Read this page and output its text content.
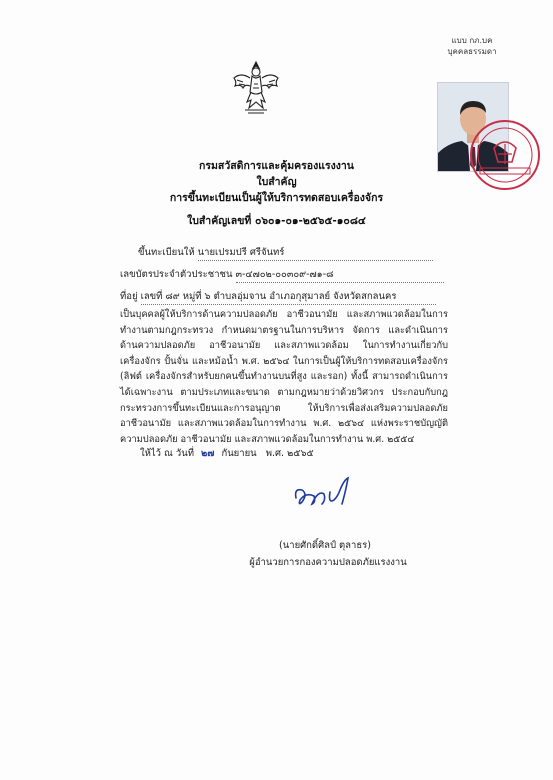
แบบ กภ.บค
บุคคลธรรมดา
กรมสวัสดิการและคุ้มครองแรงงาน
ใบสำคัญ
การขึ้นทะเบียนเป็นผู้ให้บริการทดสอบเครื่องจักร
ใบสำคัญเลขที่ ๐๖๐๑-๐๑-๒๕๖๕-๑๐๘๔
ขึ้นทะเบียนให้ นายเปรมปรี ศรีจันทร์
เลขบัตรประจำตัวประชาชน ๓-๔๗๐๒-๐๐๓๐๙-๗๑-๘
ที่อยู่ เลขที่ ๘๙ หมู่ที่ ๖ ตำบลอุ่มจาน อำเภอกุสุมาลย์ จังหวัดสกลนคร
เป็นบุคคลผู้ให้บริการด้านความปลอดภัย อาชีวอนามัย และสภาพแวดล้อมในการทำงานตามกฎกระทรวง กำหนดมาตรฐานในการบริหาร จัดการ และดำเนินการด้านความปลอดภัย อาชีวอนามัย และสภาพแวดล้อม ในการทำงานเกี่ยวกับเครื่องจักร ปั้นจั่น และหม้อน้ำ พ.ศ. ๒๕๖๔ ในการเป็นผู้ให้บริการทดสอบเครื่องจักร (ลิฟต์ เครื่องจักรสำหรับยกคนขึ้นทำงานบนที่สูง และรอก) ทั้งนี้ สามารถดำเนินการได้เฉพาะงาน ตามประเภทและขนาด ตามกฎหมายว่าด้วยวิศวกร ประกอบกับกฎกระทรวงการขึ้นทะเบียนและการอนุญาต ให้บริการเพื่อส่งเสริมความปลอดภัย อาชีวอนามัย และสภาพแวดล้อมในการทำงาน พ.ศ. ๒๕๖๔ แห่งพระราชบัญญัติความปลอดภัย อาชีวอนามัย และสภาพแวดล้อมในการทำงาน พ.ศ. ๒๕๕๔
ให้ไว้ ณ วันที่ ๒๗ กันยายน พ.ศ. ๒๕๖๕
(นายศักดิ์ศิลป์ ตุลาธร)
ผู้อำนวยการกองความปลอดภัยแรงงาน
